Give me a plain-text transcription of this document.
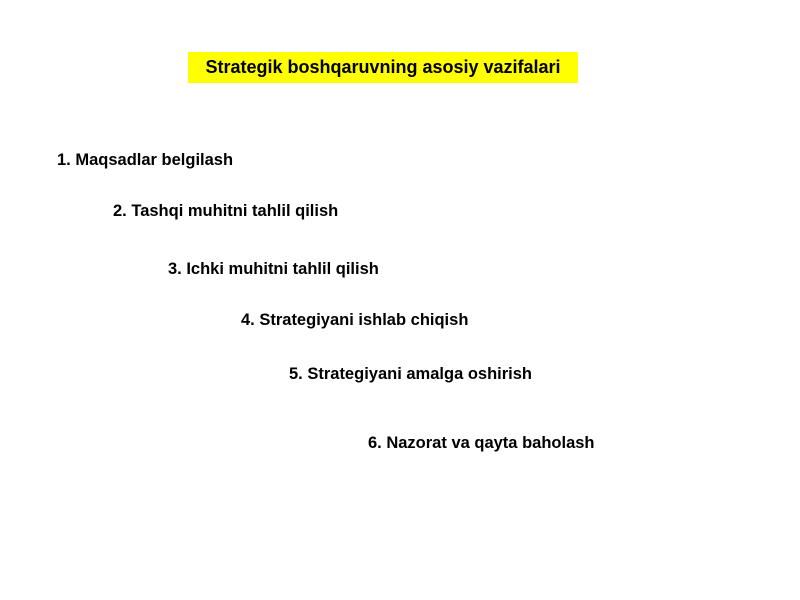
Strategik boshqaruvning asosiy vazifalari
1. Maqsadlar belgilash
2. Tashqi muhitni tahlil qilish
3. Ichki muhitni tahlil qilish
4. Strategiyani ishlab chiqish
5. Strategiyani amalga oshirish
6. Nazorat va qayta baholash
